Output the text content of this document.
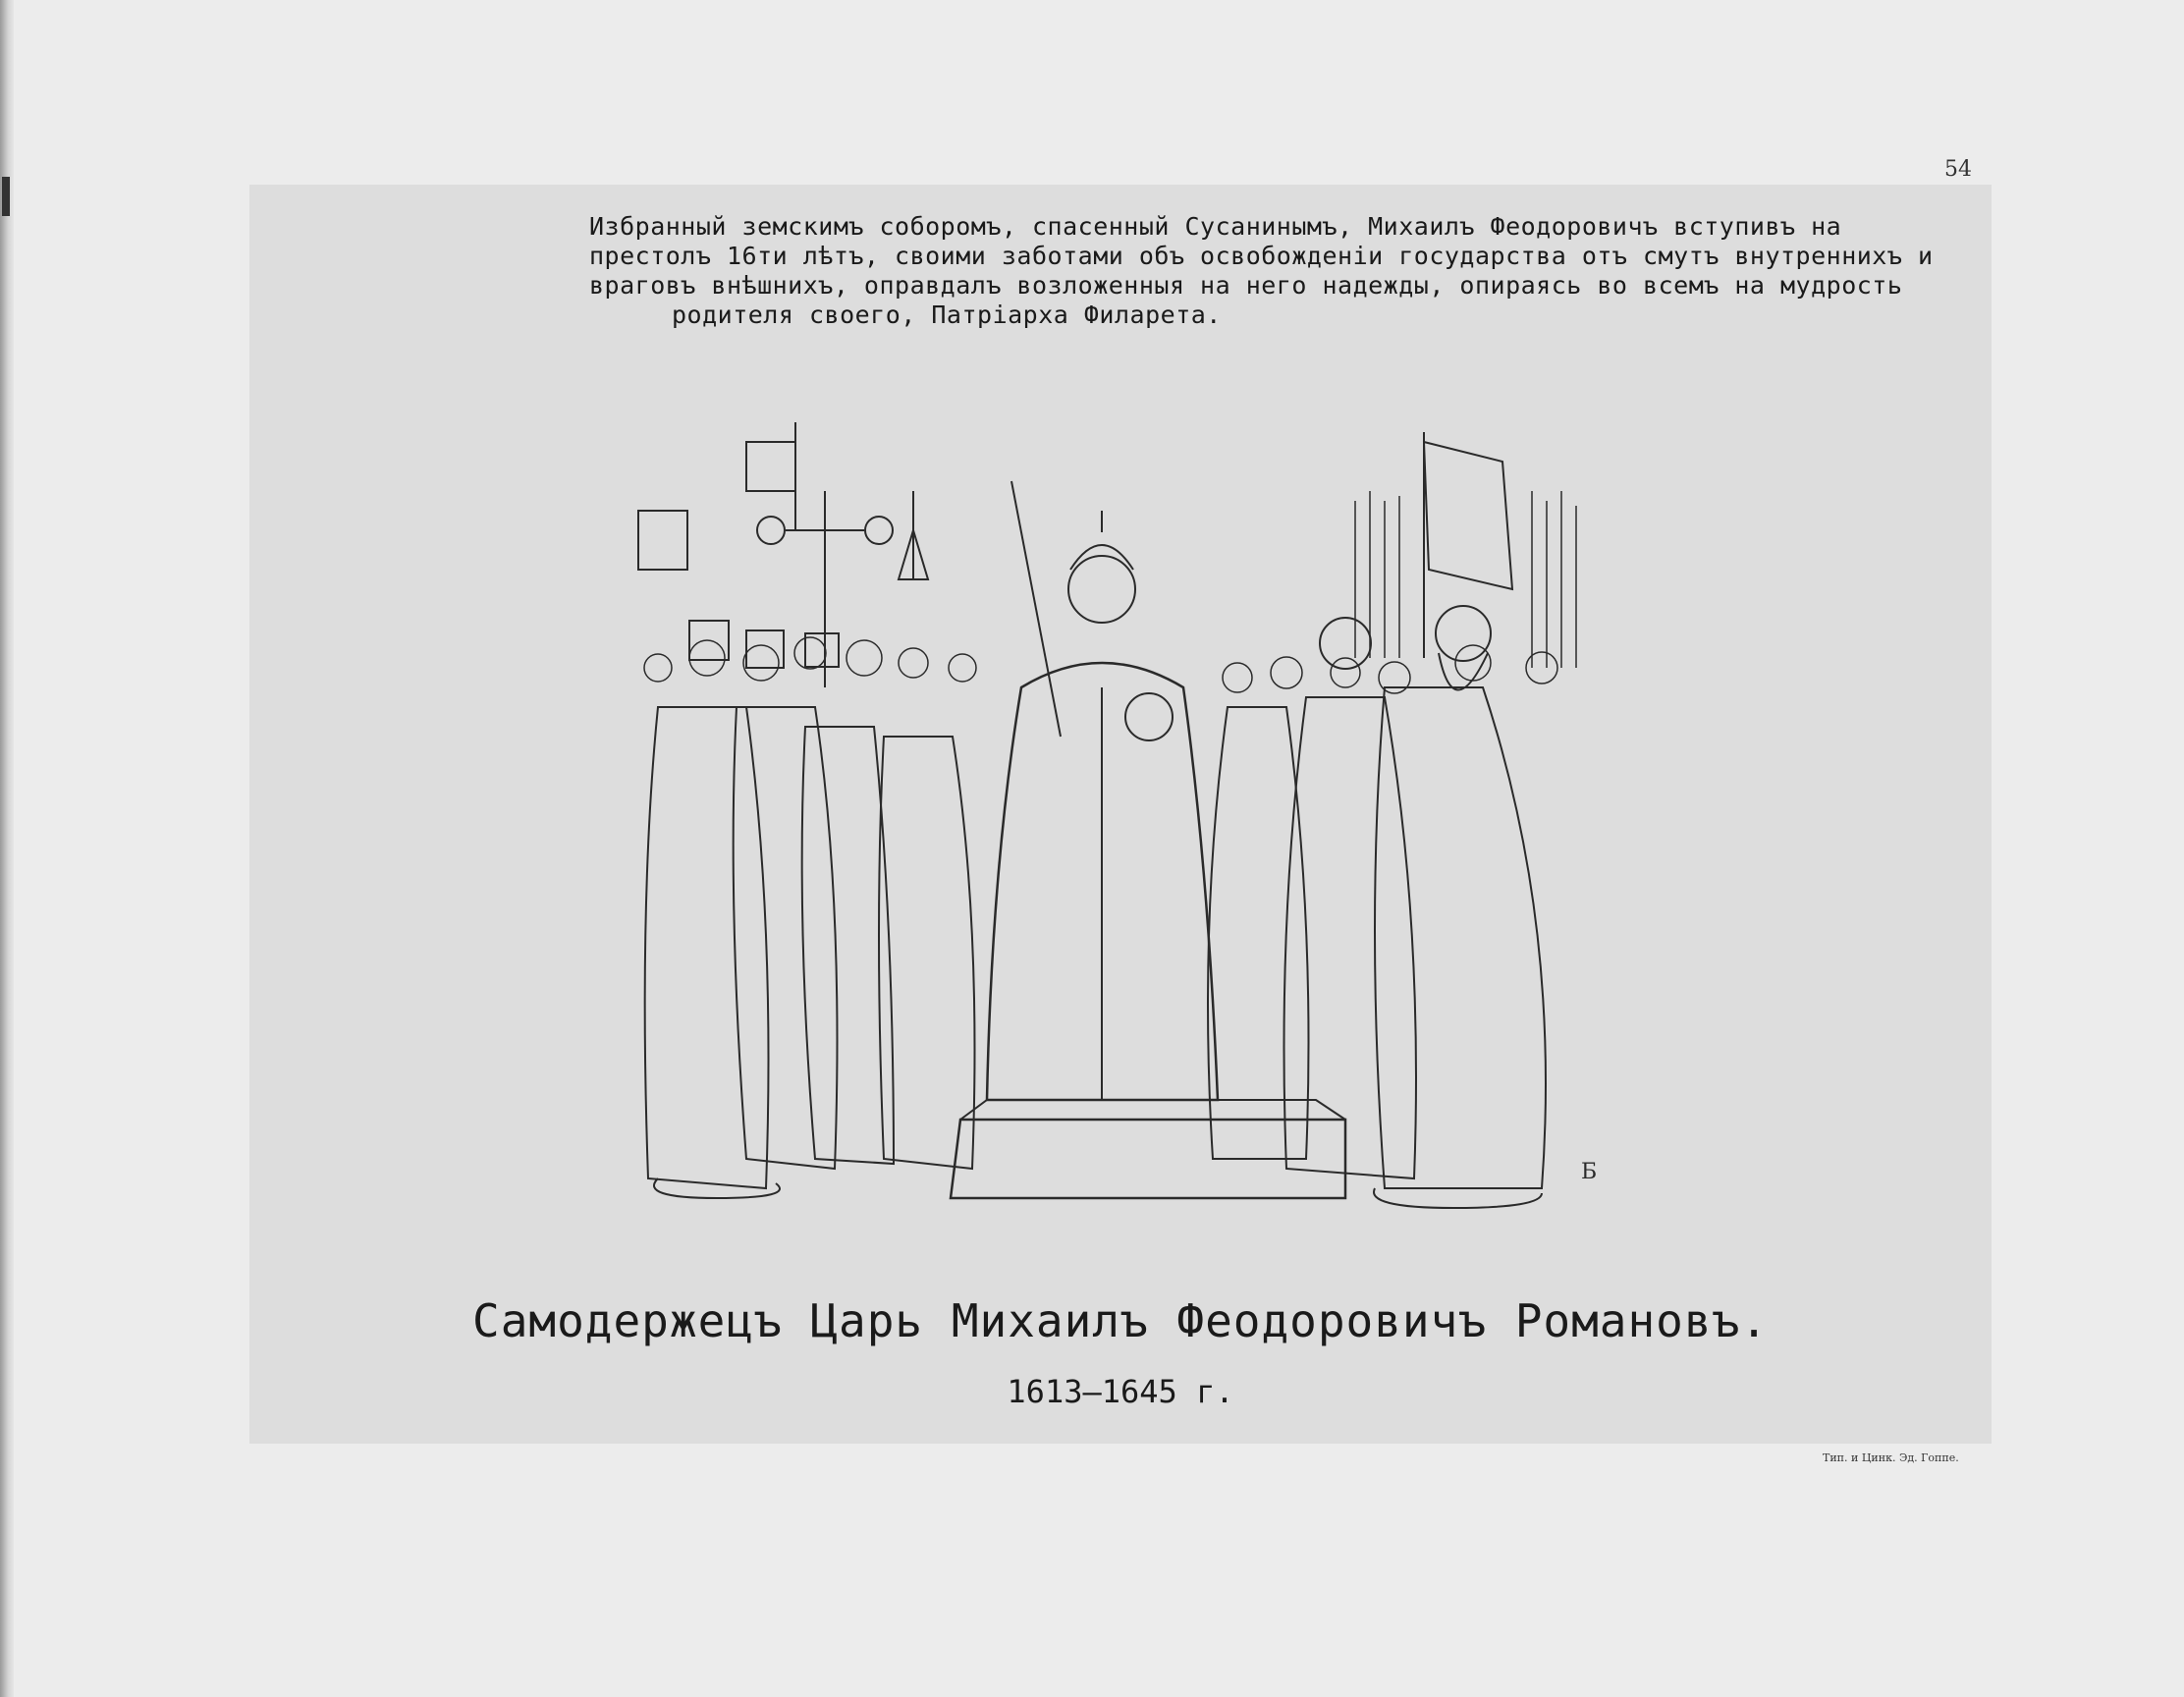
54
Избранный земскимъ соборомъ, спасенный Сусанинымъ, Михаилъ Феодоровичъ вступивъ на
престолъ 16ти лѣтъ, своими заботами объ освобожденіи государства отъ смутъ внутреннихъ и
враговъ внѣшнихъ, оправдалъ возложенныя на него надежды, опираясь во всемъ на мудрость
родителя своего, Патріарха Филарета.
Б
Самодержецъ Царь Михаилъ Феодоровичъ Романовъ.
1613—1645 г.
Тип. и Цинк. Эд. Гоппе.
